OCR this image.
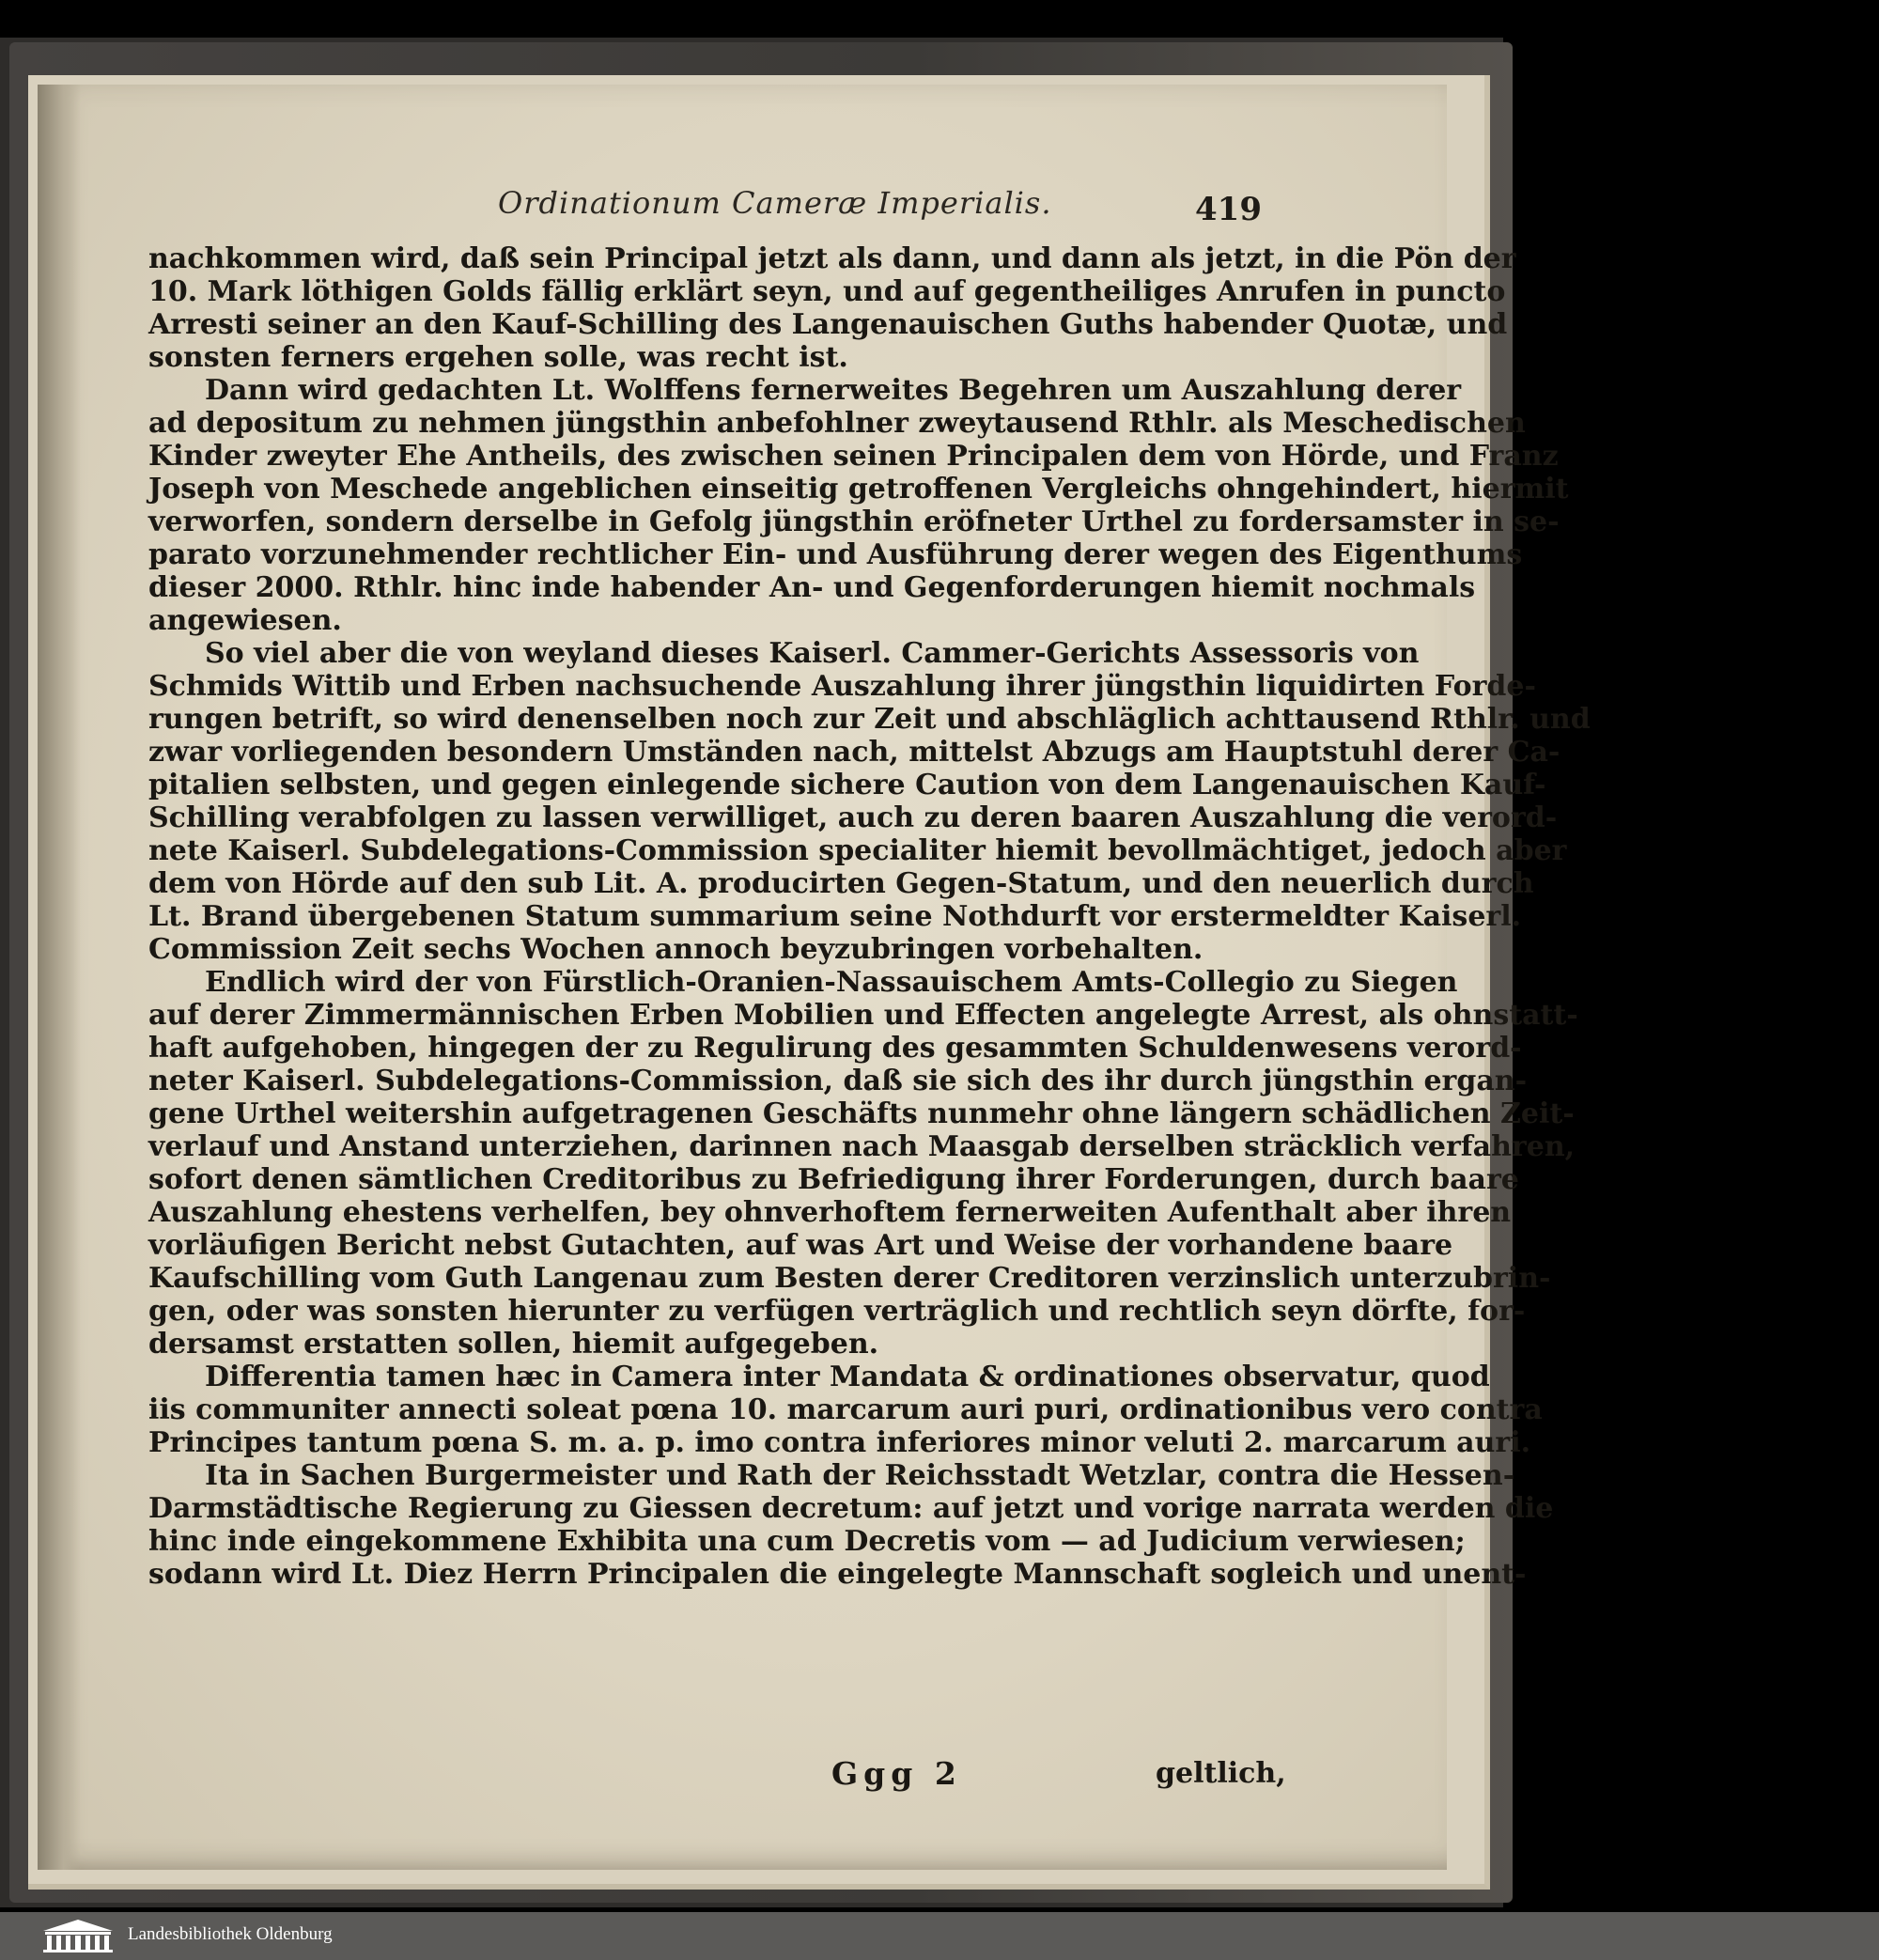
Ordinationum Cameræ Imperialis.	419
nachkommen wird, daß sein Principal jetzt als dann, und dann als jetzt, in die Pön der
10. Mark löthigen Golds fällig erklärt seyn, und auf gegentheiliges Anrufen in puncto
Arresti seiner an den Kauf-Schilling des Langenauischen Guths habender Quotæ, und
sonsten ferners ergehen solle, was recht ist.
Dann wird gedachten Lt. Wolffens fernerweites Begehren um Auszahlung derer
ad depositum zu nehmen jüngsthin anbefohlner zweytausend Rthlr. als Meschedischen
Kinder zweyter Ehe Antheils, des zwischen seinen Principalen dem von Hörde, und Franz
Joseph von Meschede angeblichen einseitig getroffenen Vergleichs ohngehindert, hiermit
verworfen, sondern derselbe in Gefolg jüngsthin eröfneter Urthel zu fordersamster in se-
parato vorzunehmender rechtlicher Ein- und Ausführung derer wegen des Eigenthums
dieser 2000. Rthlr. hinc inde habender An- und Gegenforderungen hiemit nochmals
angewiesen.
So viel aber die von weyland dieses Kaiserl. Cammer-Gerichts Assessoris von
Schmids Wittib und Erben nachsuchende Auszahlung ihrer jüngsthin liquidirten Forde-
rungen betrift, so wird denenselben noch zur Zeit und abschläglich achttausend Rthlr. und
zwar vorliegenden besondern Umständen nach, mittelst Abzugs am Hauptstuhl derer Ca-
pitalien selbsten, und gegen einlegende sichere Caution von dem Langenauischen Kauf-
Schilling verabfolgen zu lassen verwilliget, auch zu deren baaren Auszahlung die verord-
nete Kaiserl. Subdelegations-Commission specialiter hiemit bevollmächtiget, jedoch aber
dem von Hörde auf den sub Lit. A. producirten Gegen-Statum, und den neuerlich durch
Lt. Brand übergebenen Statum summarium seine Nothdurft vor erstermeldter Kaiserl.
Commission Zeit sechs Wochen annoch beyzubringen vorbehalten.
Endlich wird der von Fürstlich-Oranien-Nassauischem Amts-Collegio zu Siegen
auf derer Zimmermännischen Erben Mobilien und Effecten angelegte Arrest, als ohnstatt-
haft aufgehoben, hingegen der zu Regulirung des gesammten Schuldenwesens verord-
neter Kaiserl. Subdelegations-Commission, daß sie sich des ihr durch jüngsthin ergan-
gene Urthel weitershin aufgetragenen Geschäfts nunmehr ohne längern schädlichen Zeit-
verlauf und Anstand unterziehen, darinnen nach Maasgab derselben sträcklich verfahren,
sofort denen sämtlichen Creditoribus zu Befriedigung ihrer Forderungen, durch baare
Auszahlung ehestens verhelfen, bey ohnverhoftem fernerweiten Aufenthalt aber ihren
vorläufigen Bericht nebst Gutachten, auf was Art und Weise der vorhandene baare
Kaufschilling vom Guth Langenau zum Besten derer Creditoren verzinslich unterzubrin-
gen, oder was sonsten hierunter zu verfügen verträglich und rechtlich seyn dörfte, for-
dersamst erstatten sollen, hiemit aufgegeben.
Differentia tamen hæc in Camera inter Mandata & ordinationes observatur, quod
iis communiter annecti soleat pœna 10. marcarum auri puri, ordinationibus vero contra
Principes tantum pœna S. m. a. p. imo contra inferiores minor veluti 2. marcarum auri.
Ita in Sachen Burgermeister und Rath der Reichsstadt Wetzlar, contra die Hessen-
Darmstädtische Regierung zu Giessen decretum: auf jetzt und vorige narrata werden die
hinc inde eingekommene Exhibita una cum Decretis vom — ad Judicium verwiesen;
sodann wird Lt. Diez Herrn Principalen die eingelegte Mannschaft sogleich und unent-
Ggg 2	geltlich,
Landesbibliothek Oldenburg
